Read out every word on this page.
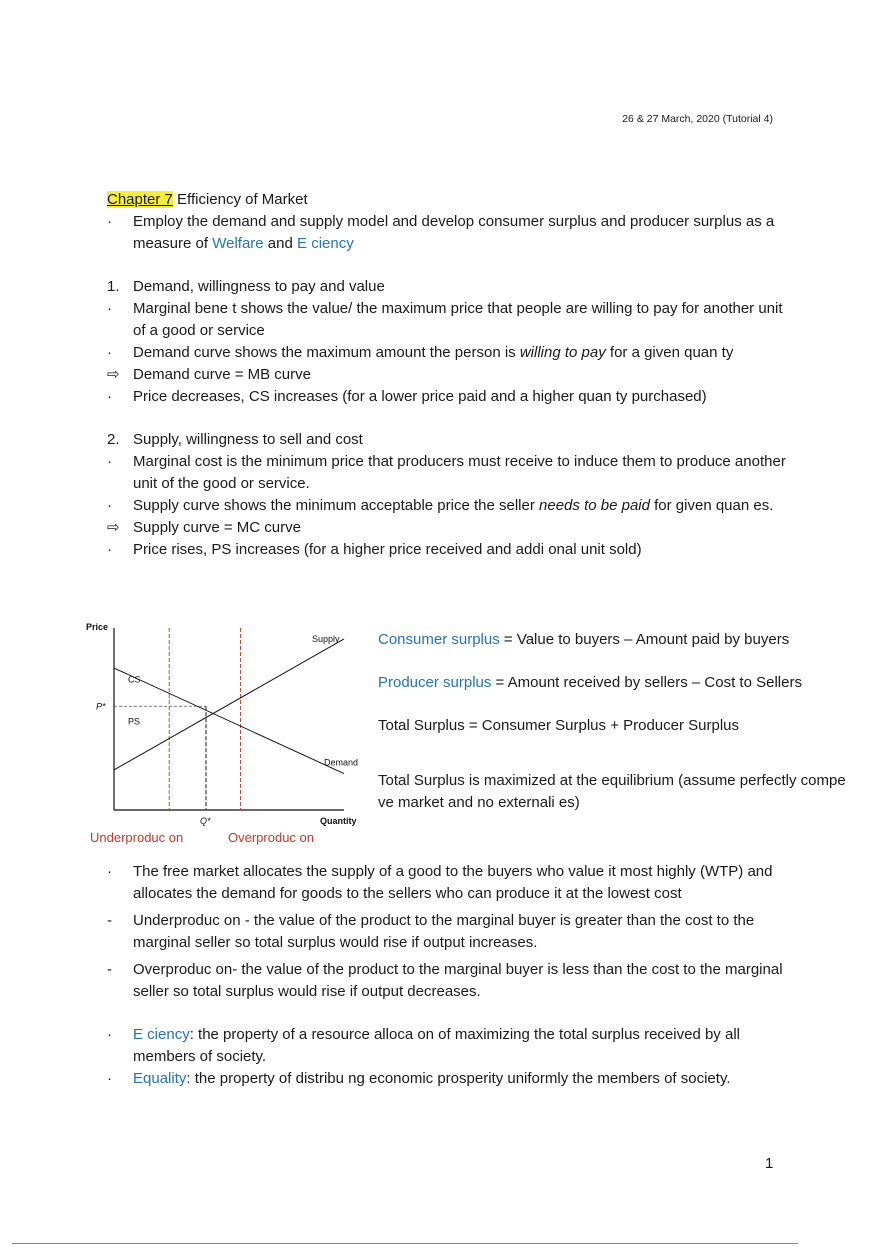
26 & 27 March, 2020 (Tutorial 4)
Chapter 7 Efficiency of Market
·	Employ the demand and supply model and develop consumer surplus and producer surplus as a measure of Welfare and E ciency
1. Demand, willingness to pay and value
·	Marginal bene t shows the value/ the maximum price that people are willing to pay for another unit of a good or service
·	Demand curve shows the maximum amount the person is willing to pay for a given quan ty
⇨ Demand curve = MB curve
·	Price decreases, CS increases (for a lower price paid and a higher quan ty purchased)
2. Supply, willingness to sell and cost
·	Marginal cost is the minimum price that producers must receive to induce them to produce another unit of the good or service.
·	Supply curve shows the minimum acceptable price the seller needs to be paid for given quan es.
⇨ Supply curve = MC curve
·	Price rises, PS increases (for a higher price received and addi onal unit sold)
Price
Quantity
Supply
Demand
P*
Q*
CS
PS
Underproduc on	Overproduc on

Consumer surplus = Value to buyers – Amount paid by buyers

Producer surplus = Amount received by sellers – Cost to Sellers

Total Surplus = Consumer Surplus + Producer Surplus

Total Surplus is maximized at the equilibrium (assume perfectly compe ve market and no externali es)

·	The free market allocates the supply of a good to the buyers who value it most highly (WTP) and allocates the demand for goods to the sellers who can produce it at the lowest cost
-	Underproduc on - the value of the product to the marginal buyer is greater than the cost to the marginal seller so total surplus would rise if output increases.
-	Overproduc on- the value of the product to the marginal buyer is less than the cost to the marginal seller so total surplus would rise if output decreases.
·	E ciency: the property of a resource alloca on of maximizing the total surplus received by all members of society.
·	Equality: the property of distribu ng economic prosperity uniformly the members of society.
1
